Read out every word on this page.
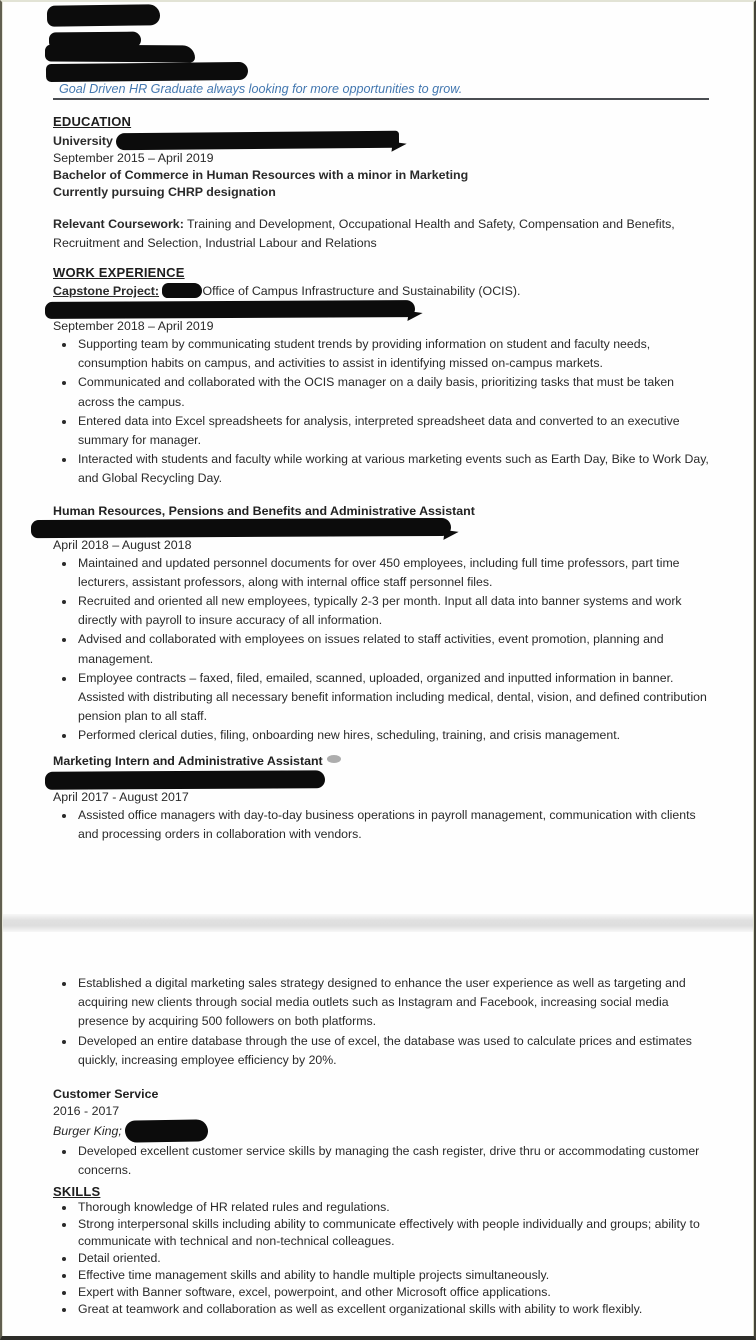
Goal Driven HR Graduate always looking for more opportunities to grow.

EDUCATION

University

September 2015 – April 2019

Bachelor of Commerce in Human Resources with a minor in Marketing

Currently pursuing CHRP designation

Relevant Coursework: Training and Development, Occupational Health and Safety, Compensation and Benefits, Recruitment and Selection, Industrial Labour and Relations

WORK EXPERIENCE

Capstone Project:	Office of Campus Infrastructure and Sustainability (OCIS).

September 2018 – April 2019

• Supporting team by communicating student trends by providing information on student and faculty needs, consumption habits on campus, and activities to assist in identifying missed on-campus markets.
• Communicated and collaborated with the OCIS manager on a daily basis, prioritizing tasks that must be taken across the campus.
• Entered data into Excel spreadsheets for analysis, interpreted spreadsheet data and converted to an executive summary for manager.
• Interacted with students and faculty while working at various marketing events such as Earth Day, Bike to Work Day, and Global Recycling Day.

Human Resources, Pensions and Benefits and Administrative Assistant

April 2018 – August 2018

• Maintained and updated personnel documents for over 450 employees, including full time professors, part time lecturers, assistant professors, along with internal office staff personnel files.
• Recruited and oriented all new employees, typically 2-3 per month. Input all data into banner systems and work directly with payroll to insure accuracy of all information.
• Advised and collaborated with employees on issues related to staff activities, event promotion, planning and management.
• Employee contracts – faxed, filed, emailed, scanned, uploaded, organized and inputted information in banner. Assisted with distributing all necessary benefit information including medical, dental, vision, and defined contribution pension plan to all staff.
• Performed clerical duties, filing, onboarding new hires, scheduling, training, and crisis management.

Marketing Intern and Administrative Assistant

April 2017 - August 2017

• Assisted office managers with day-to-day business operations in payroll management, communication with clients and processing orders in collaboration with vendors.
• Established a digital marketing sales strategy designed to enhance the user experience as well as targeting and acquiring new clients through social media outlets such as Instagram and Facebook, increasing social media presence by acquiring 500 followers on both platforms.
• Developed an entire database through the use of excel, the database was used to calculate prices and estimates quickly, increasing employee efficiency by 20%.

Customer Service

2016 - 2017

Burger King;

• Developed excellent customer service skills by managing the cash register, drive thru or accommodating customer concerns.

SKILLS

• Thorough knowledge of HR related rules and regulations.
• Strong interpersonal skills including ability to communicate effectively with people individually and groups; ability to communicate with technical and non-technical colleagues.
• Detail oriented.
• Effective time management skills and ability to handle multiple projects simultaneously.
• Expert with Banner software, excel, powerpoint, and other Microsoft office applications.
• Great at teamwork and collaboration as well as excellent organizational skills with ability to work flexibly.
